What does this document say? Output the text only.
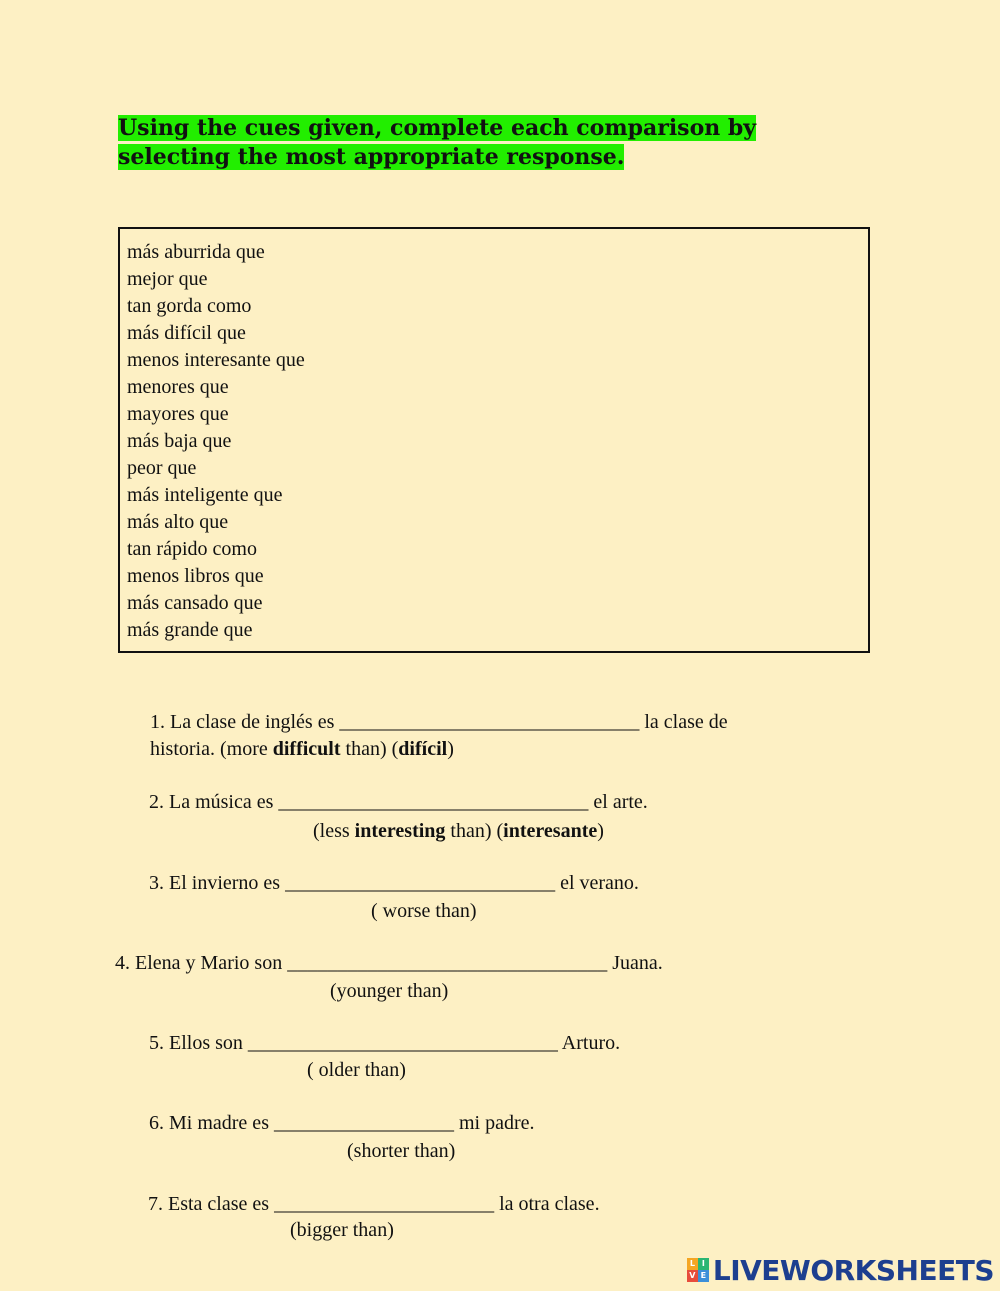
Using the cues given, complete each comparison by
selecting the most appropriate response.
más aburrida que
mejor que
tan gorda como
más difícil que
menos interesante que
menores que
mayores que
más baja que
peor que
más inteligente que
más alto que
tan rápido como
menos libros que
más cansado que
más grande que

1. La clase de inglés es ______________________________ la clase de

historia. (more difficult than) (difícil)

2. La música es _______________________________ el arte.

(less interesting than) (interesante)

3. El invierno es ___________________________ el verano.

( worse than)

4. Elena y Mario son ________________________________ Juana.

(younger than)

5. Ellos son _______________________________ Arturo.

( older than)

6. Mi madre es __________________ mi padre.

(shorter than)

7. Esta clase es ______________________ la otra clase.

(bigger than)

L I
V E LIVEWORKSHEETS
